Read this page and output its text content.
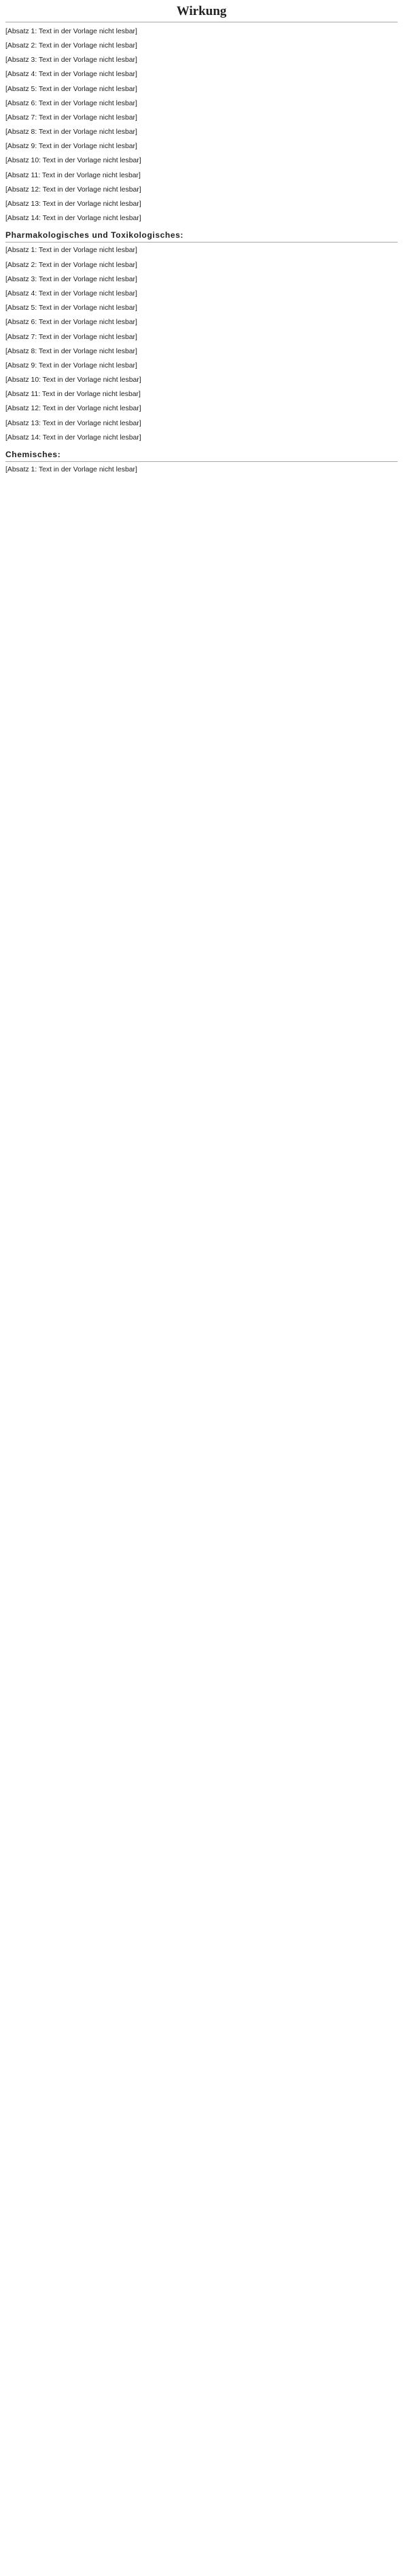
Wirkung

[Absatz 1: Text in der Vorlage nicht lesbar]

[Absatz 2: Text in der Vorlage nicht lesbar]

[Absatz 3: Text in der Vorlage nicht lesbar]

[Absatz 4: Text in der Vorlage nicht lesbar]

[Absatz 5: Text in der Vorlage nicht lesbar]

[Absatz 6: Text in der Vorlage nicht lesbar]

[Absatz 7: Text in der Vorlage nicht lesbar]

[Absatz 8: Text in der Vorlage nicht lesbar]

[Absatz 9: Text in der Vorlage nicht lesbar]

[Absatz 10: Text in der Vorlage nicht lesbar]

[Absatz 11: Text in der Vorlage nicht lesbar]

[Absatz 12: Text in der Vorlage nicht lesbar]

[Absatz 13: Text in der Vorlage nicht lesbar]

[Absatz 14: Text in der Vorlage nicht lesbar]

Pharmakologisches und Toxikologisches:

[Absatz 1: Text in der Vorlage nicht lesbar]

[Absatz 2: Text in der Vorlage nicht lesbar]

[Absatz 3: Text in der Vorlage nicht lesbar]

[Absatz 4: Text in der Vorlage nicht lesbar]

[Absatz 5: Text in der Vorlage nicht lesbar]

[Absatz 6: Text in der Vorlage nicht lesbar]

[Absatz 7: Text in der Vorlage nicht lesbar]

[Absatz 8: Text in der Vorlage nicht lesbar]

[Absatz 9: Text in der Vorlage nicht lesbar]

[Absatz 10: Text in der Vorlage nicht lesbar]

[Absatz 11: Text in der Vorlage nicht lesbar]

[Absatz 12: Text in der Vorlage nicht lesbar]

[Absatz 13: Text in der Vorlage nicht lesbar]

[Absatz 14: Text in der Vorlage nicht lesbar]

Chemisches:

[Absatz 1: Text in der Vorlage nicht lesbar]
